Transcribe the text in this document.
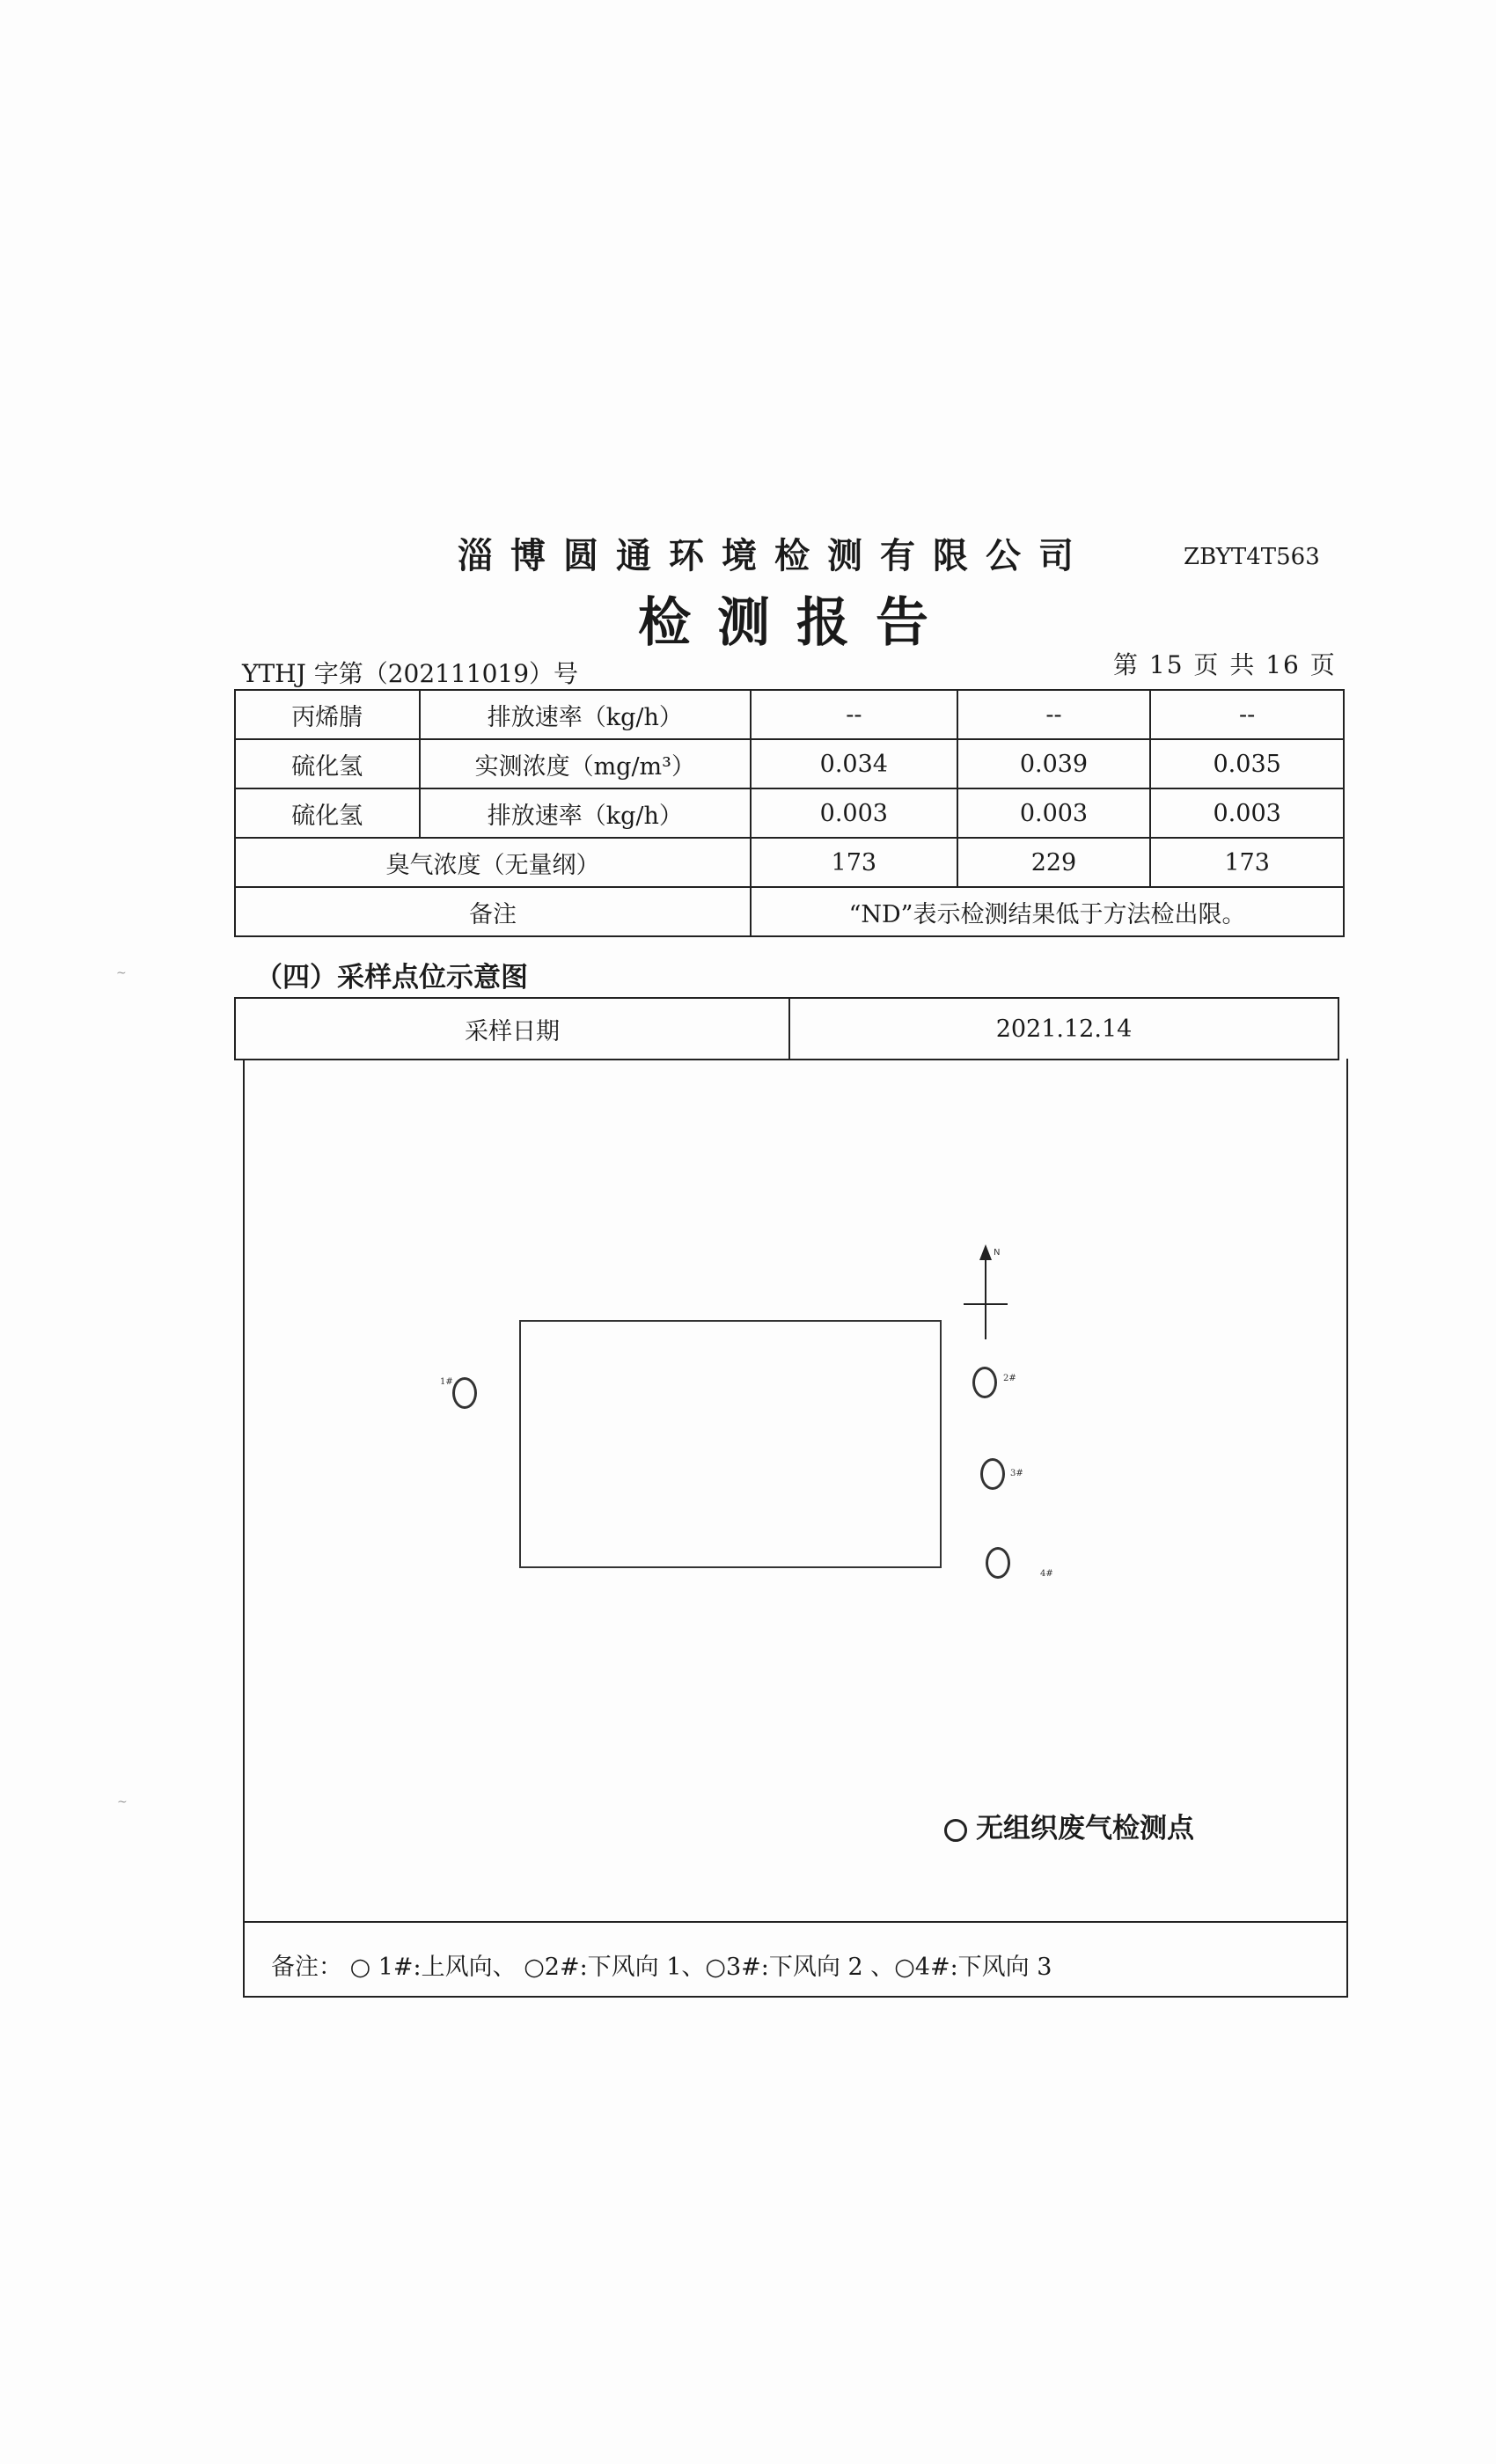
淄博圆通环境检测有限公司	ZBYT4T563
检测报告
YTHJ 字第（202111019）号	第 15 页 共 16 页
丙烯腈	排放速率（kg/h）	--	--	--
硫化氢	实测浓度（mg/m³）	0.034	0.039	0.035
硫化氢	排放速率（kg/h）	0.003	0.003	0.003
臭气浓度（无量纲）		173	229	173
备注		“ND”表示检测结果低于方法检出限。		
（四）采样点位示意图
采样日期	2021.12.14
1#	2#
3#
4#
无组织废气检测点
备注： ○ 1#:上风向、 ○2#:下风向 1、○3#:下风向 2 、○4#:下风向 3
N
~
~
